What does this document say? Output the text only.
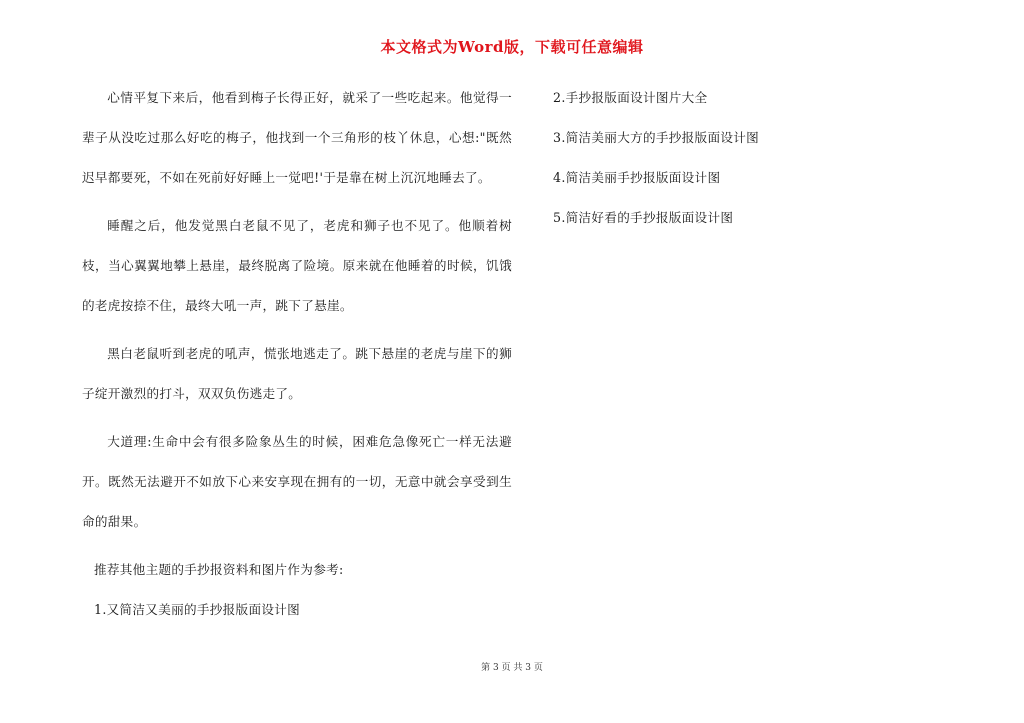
本文格式为Word版，下载可任意编辑

心情平复下来后，他看到梅子长得正好，就采了一些吃起来。他觉得一辈子从没吃过那么好吃的梅子，他找到一个三角形的枝丫休息，心想:"既然迟早都要死，不如在死前好好睡上一觉吧!'于是靠在树上沉沉地睡去了。

睡醒之后，他发觉黑白老鼠不见了，老虎和狮子也不见了。他顺着树枝，当心翼翼地攀上悬崖，最终脱离了险境。原来就在他睡着的时候，饥饿的老虎按捺不住，最终大吼一声，跳下了悬崖。

黑白老鼠听到老虎的吼声，慌张地逃走了。跳下悬崖的老虎与崖下的狮子绽开激烈的打斗，双双负伤逃走了。

大道理:生命中会有很多险象丛生的时候，困难危急像死亡一样无法避开。既然无法避开不如放下心来安享现在拥有的一切，无意中就会享受到生命的甜果。

推荐其他主题的手抄报资料和图片作为参考:

1.又简洁又美丽的手抄报版面设计图
2.手抄报版面设计图片大全
3.简洁美丽大方的手抄报版面设计图
4.简洁美丽手抄报版面设计图
5.简洁好看的手抄报版面设计图
第 3 页 共 3 页
